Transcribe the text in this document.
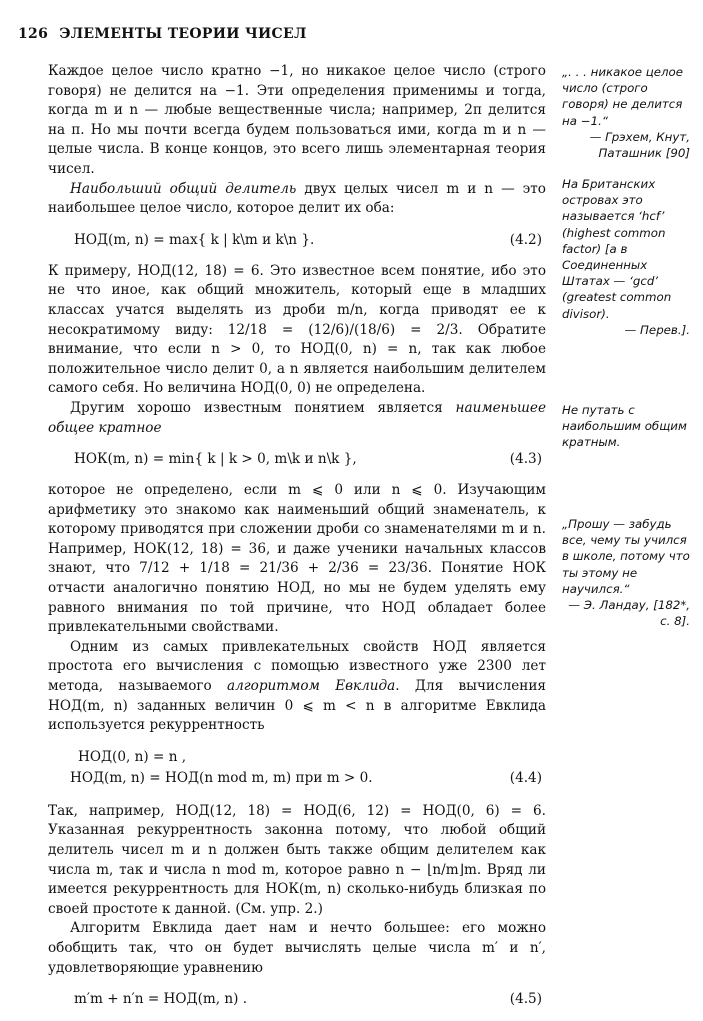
126 ЭЛЕМЕНТЫ ТЕОРИИ ЧИСЕЛ

Каждое целое число кратно −1, но никакое целое число (строго говоря) не делится на −1. Эти определения применимы и тогда, когда m и n — любые вещественные числа; например, 2π делится на π. Но мы почти всегда будем пользоваться ими, когда m и n — целые числа. В конце концов, это всего лишь элементарная теория чисел.

Наибольший общий делитель двух целых чисел m и n — это наибольшее целое число, которое делит их оба:

НОД(m, n) = max{ k | k\m и k\n }.	(4.2)

К примеру, НОД(12, 18) = 6. Это известное всем понятие, ибо это не что иное, как общий множитель, который еще в младших классах учатся выделять из дроби m/n, когда приводят ее к несократимому виду: 12/18 = (12/6)/(18/6) = 2/3. Обратите внимание, что если n > 0, то НОД(0, n) = n, так как любое положительное число делит 0, а n является наибольшим делителем самого себя. Но величина НОД(0, 0) не определена.

Другим хорошо известным понятием является наименьшее общее кратное

НОК(m, n) = min{ k | k > 0, m\k и n\k },	(4.3)

которое не определено, если m ⩽ 0 или n ⩽ 0. Изучающим арифметику это знакомо как наименьший общий знаменатель, к которому приводятся при сложении дроби со знаменателями m и n. Например, НОК(12, 18) = 36, и даже ученики начальных классов знают, что 7/12 + 1/18 = 21/36 + 2/36 = 23/36. Понятие НОК отчасти аналогично понятию НОД, но мы не будем уделять ему равного внимания по той причине, что НОД обладает более привлекательными свойствами.

Одним из самых привлекательных свойств НОД является простота его вычисления с помощью известного уже 2300 лет метода, называемого алгоритмом Евклида. Для вычисления НОД(m, n) заданных величин 0 ⩽ m < n в алгоритме Евклида используется рекуррентность

НОД(0, n) = n ,
НОД(m, n) = НОД(n mod m, m) при m > 0.	(4.4)

Так, например, НОД(12, 18) = НОД(6, 12) = НОД(0, 6) = 6. Указанная рекуррентность законна потому, что любой общий делитель чисел m и n должен быть также общим делителем как числа m, так и числа n mod m, которое равно n − ⌊n/m⌋m. Вряд ли имеется рекуррентность для НОК(m, n) сколько-нибудь близкая по своей простоте к данной. (См. упр. 2.)

Алгоритм Евклида дает нам и нечто большее: его можно обобщить так, что он будет вычислять целые числа m′ и n′, удовлетворяющие уравнению

m′m + n′n = НОД(m, n) .	(4.5)
„. . . никакое целое число (строго говоря) не делится на −1.“
— Грэхем, Кнут, Паташник [90]
На Британских островах это называется ‘hcf’ (highest common factor) [а в Соединенных Штатах — ‘gcd’ (greatest common divisor).
— Перев.].
Не путать с наибольшим общим кратным.
„Прошу — забудь все, чему ты учился в школе, потому что ты этому не научился.“
— Э. Ландау, [182*, с. 8].
